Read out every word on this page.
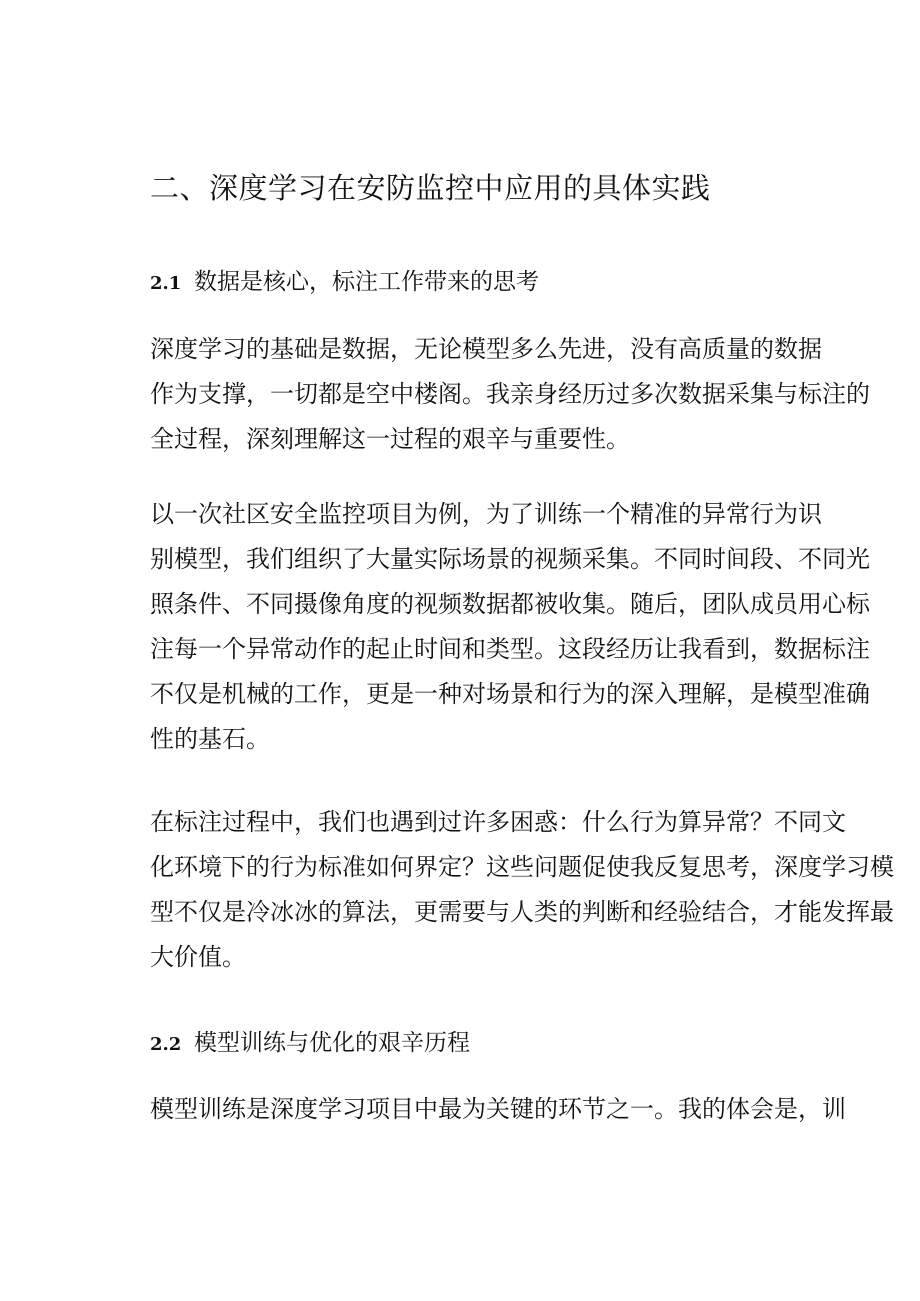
二、深度学习在安防监控中应用的具体实践
2.1 数据是核心，标注工作带来的思考

深度学习的基础是数据，无论模型多么先进，没有高质量的数据
作为支撑，一切都是空中楼阁。我亲身经历过多次数据采集与标注的
全过程，深刻理解这一过程的艰辛与重要性。

以一次社区安全监控项目为例，为了训练一个精准的异常行为识
别模型，我们组织了大量实际场景的视频采集。不同时间段、不同光
照条件、不同摄像角度的视频数据都被收集。随后，团队成员用心标
注每一个异常动作的起止时间和类型。这段经历让我看到，数据标注
不仅是机械的工作，更是一种对场景和行为的深入理解，是模型准确
性的基石。

在标注过程中，我们也遇到过许多困惑：什么行为算异常？不同文
化环境下的行为标准如何界定？这些问题促使我反复思考，深度学习模
型不仅是冷冰冰的算法，更需要与人类的判断和经验结合，才能发挥最
大价值。

2.2 模型训练与优化的艰辛历程

模型训练是深度学习项目中最为关键的环节之一。我的体会是，训
